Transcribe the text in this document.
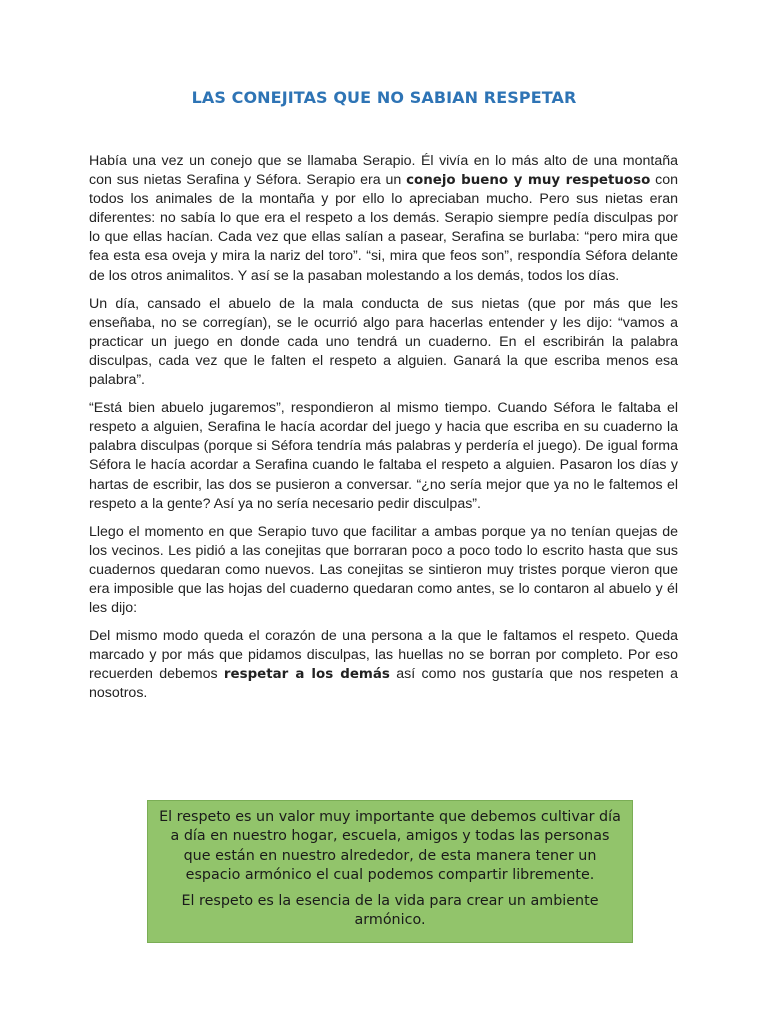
LAS CONEJITAS QUE NO SABIAN RESPETAR

Había una vez un conejo que se llamaba Serapio. Él vivía en lo más alto de una montaña con sus nietas Serafina y Séfora. Serapio era un conejo bueno y muy respetuoso con todos los animales de la montaña y por ello lo apreciaban mucho. Pero sus nietas eran diferentes: no sabía lo que era el respeto a los demás. Serapio siempre pedía disculpas por lo que ellas hacían. Cada vez que ellas salían a pasear, Serafina se burlaba: “pero mira que fea esta esa oveja y mira la nariz del toro”. “si, mira que feos son”, respondía Séfora delante de los otros animalitos. Y así se la pasaban molestando a los demás, todos los días.

Un día, cansado el abuelo de la mala conducta de sus nietas (que por más que les enseñaba, no se corregían), se le ocurrió algo para hacerlas entender y les dijo: “vamos a practicar un juego en donde cada uno tendrá un cuaderno. En el escribirán la palabra disculpas, cada vez que le falten el respeto a alguien. Ganará la que escriba menos esa palabra”.

“Está bien abuelo jugaremos”, respondieron al mismo tiempo. Cuando Séfora le faltaba el respeto a alguien, Serafina le hacía acordar del juego y hacia que escriba en su cuaderno la palabra disculpas (porque si Séfora tendría más palabras y perdería el juego). De igual forma Séfora le hacía acordar a Serafina cuando le faltaba el respeto a alguien. Pasaron los días y hartas de escribir, las dos se pusieron a conversar. “¿no sería mejor que ya no le faltemos el respeto a la gente? Así ya no sería necesario pedir disculpas”.

Llego el momento en que Serapio tuvo que facilitar a ambas porque ya no tenían quejas de los vecinos. Les pidió a las conejitas que borraran poco a poco todo lo escrito hasta que sus cuadernos quedaran como nuevos. Las conejitas se sintieron muy tristes porque vieron que era imposible que las hojas del cuaderno quedaran como antes, se lo contaron al abuelo y él les dijo:

Del mismo modo queda el corazón de una persona a la que le faltamos el respeto. Queda marcado y por más que pidamos disculpas, las huellas no se borran por completo. Por eso recuerden debemos respetar a los demás así como nos gustaría que nos respeten a nosotros.

El respeto es un valor muy importante que debemos cultivar día a día en nuestro hogar, escuela, amigos y todas las personas que están en nuestro alrededor, de esta manera tener un espacio armónico el cual podemos compartir libremente.

El respeto es la esencia de la vida para crear un ambiente armónico.
